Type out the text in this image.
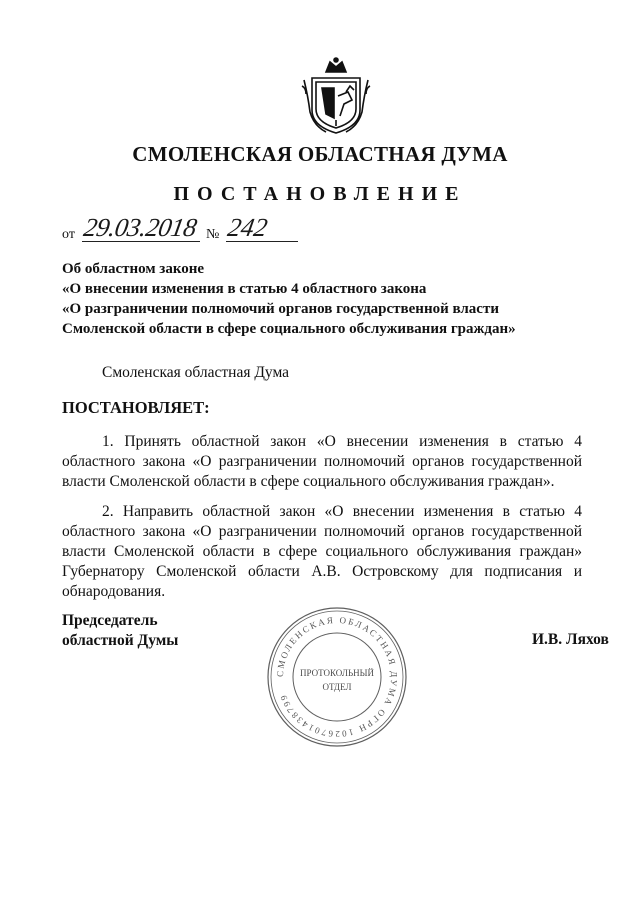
СМОЛЕНСКАЯ ОБЛАСТНАЯ ДУМА
ПОСТАНОВЛЕНИЕ
от 29.03.2018 № 242
Об областном законе
«О внесении изменения в статью 4 областного закона
«О разграничении полномочий органов государственной власти
Смоленской области в сфере социального обслуживания граждан»
Смоленская областная Дума
ПОСТАНОВЛЯЕТ:
1. Принять областной закон «О внесении изменения в статью 4 областного закона «О разграничении полномочий органов государственной власти Смоленской области в сфере социального обслуживания граждан».
2. Направить областной закон «О внесении изменения в статью 4 областного закона «О разграничении полномочий органов государственной власти Смоленской области в сфере социального обслуживания граждан» Губернатору Смоленской области А.В. Островскому для подписания и обнародования.
Председатель
областной Думы	И.В. Ляхов
СМОЛЕНСКАЯ ОБЛАСТНАЯ ДУМА ОГРН 1026701438799
ПРОТОКОЛЬНЫЙ
ОТДЕЛ
